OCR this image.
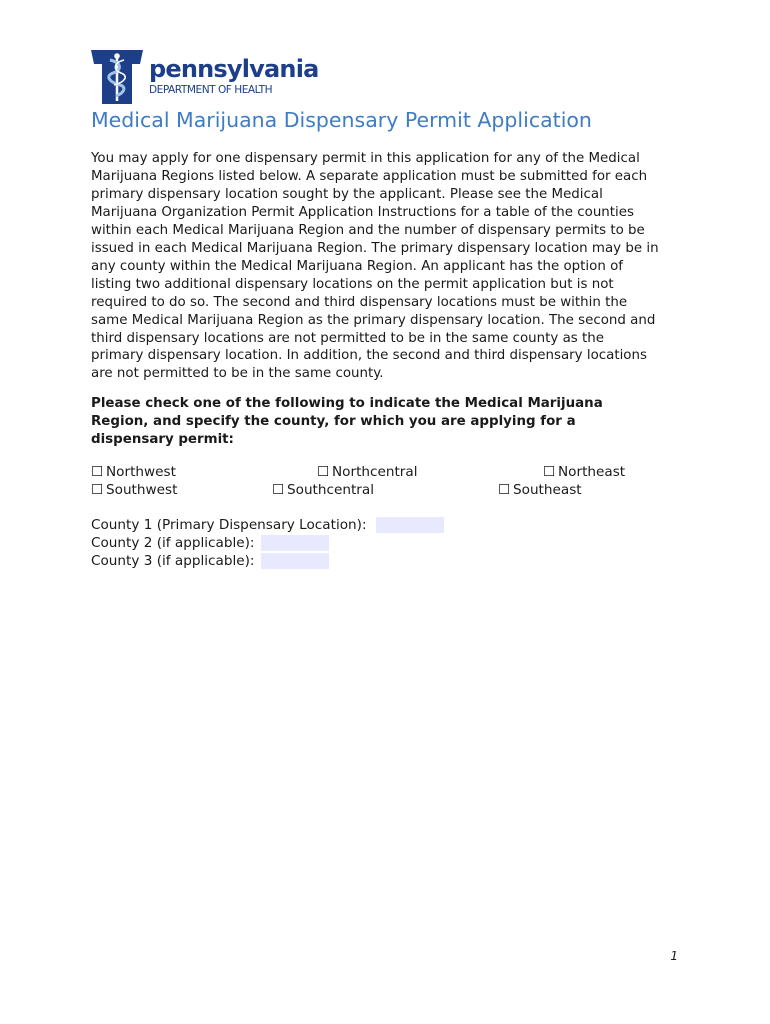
pennsylvania
DEPARTMENT OF HEALTH
Medical Marijuana Dispensary Permit Application

You may apply for one dispensary permit in this application for any of the Medical
Marijuana Regions listed below. A separate application must be submitted for each
primary dispensary location sought by the applicant. Please see the Medical
Marijuana Organization Permit Application Instructions for a table of the counties
within each Medical Marijuana Region and the number of dispensary permits to be
issued in each Medical Marijuana Region. The primary dispensary location may be in
any county within the Medical Marijuana Region. An applicant has the option of
listing two additional dispensary locations on the permit application but is not
required to do so. The second and third dispensary locations must be within the
same Medical Marijuana Region as the primary dispensary location. The second and
third dispensary locations are not permitted to be in the same county as the
primary dispensary location. In addition, the second and third dispensary locations
are not permitted to be in the same county.

Please check one of the following to indicate the Medical Marijuana
Region, and specify the county, for which you are applying for a
dispensary permit:

☐ Northwest	☐ Northcentral	☐ Northeast
☐ Southwest	☐ Southcentral	☐ Southeast
County 1 (Primary Dispensary Location):
County 2 (if applicable):
County 3 (if applicable):
1
